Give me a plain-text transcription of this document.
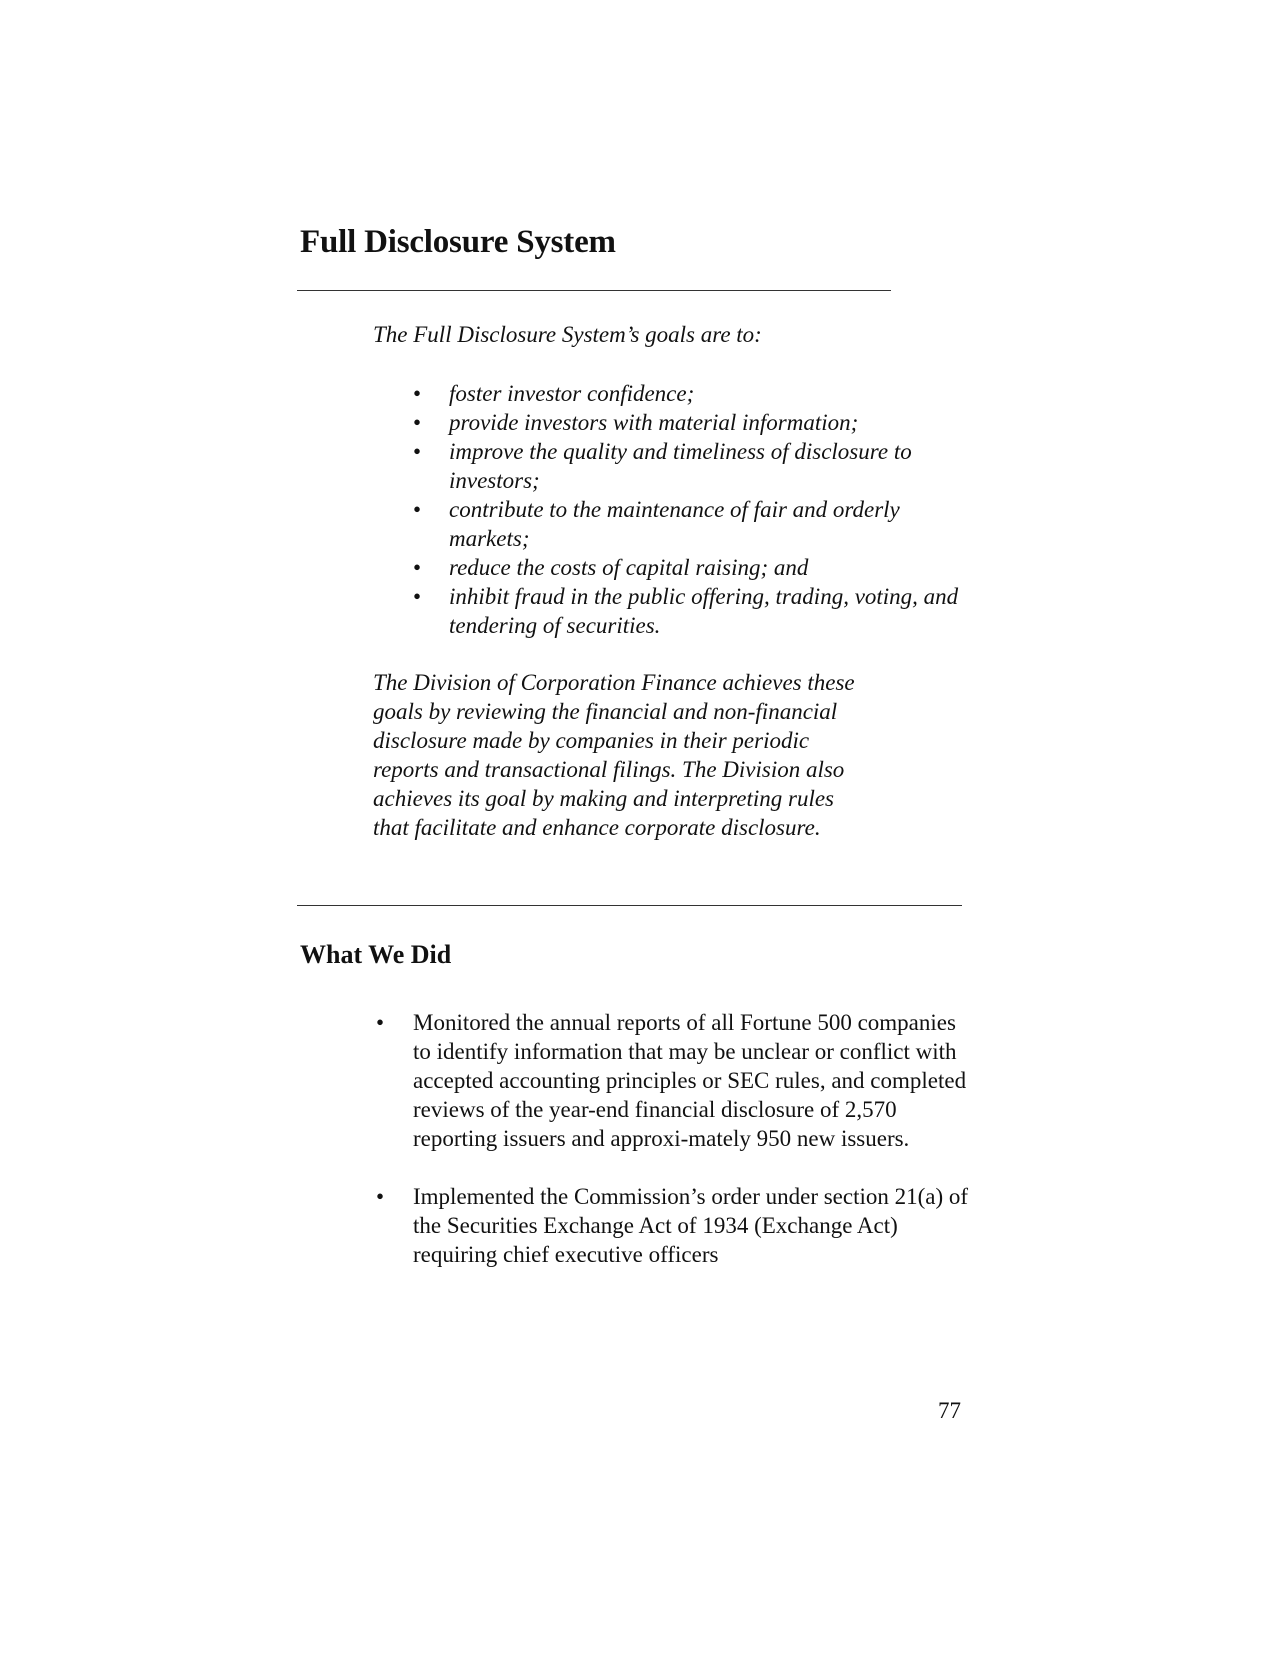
Full Disclosure System

The Full Disclosure System’s goals are to:

• foster investor confidence;
• provide investors with material information;
• improve the quality and timeliness of disclosure to investors;
• contribute to the maintenance of fair and orderly markets;
• reduce the costs of capital raising; and
• inhibit fraud in the public offering, trading, voting, and tendering of securities.

The Division of Corporation Finance achieves these goals by reviewing the financial and non-financial disclosure made by companies in their periodic reports and transactional filings. The Division also achieves its goal by making and interpreting rules that facilitate and enhance corporate disclosure.

What We Did
• Monitored the annual reports of all Fortune 500 companies to identify information that may be unclear or conflict with accepted accounting principles or SEC rules, and completed reviews of the year-end financial disclosure of 2,570 reporting issuers and approxi-mately 950 new issuers.
• Implemented the Commission’s order under section 21(a) of the Securities Exchange Act of 1934 (Exchange Act) requiring chief executive officers
77
